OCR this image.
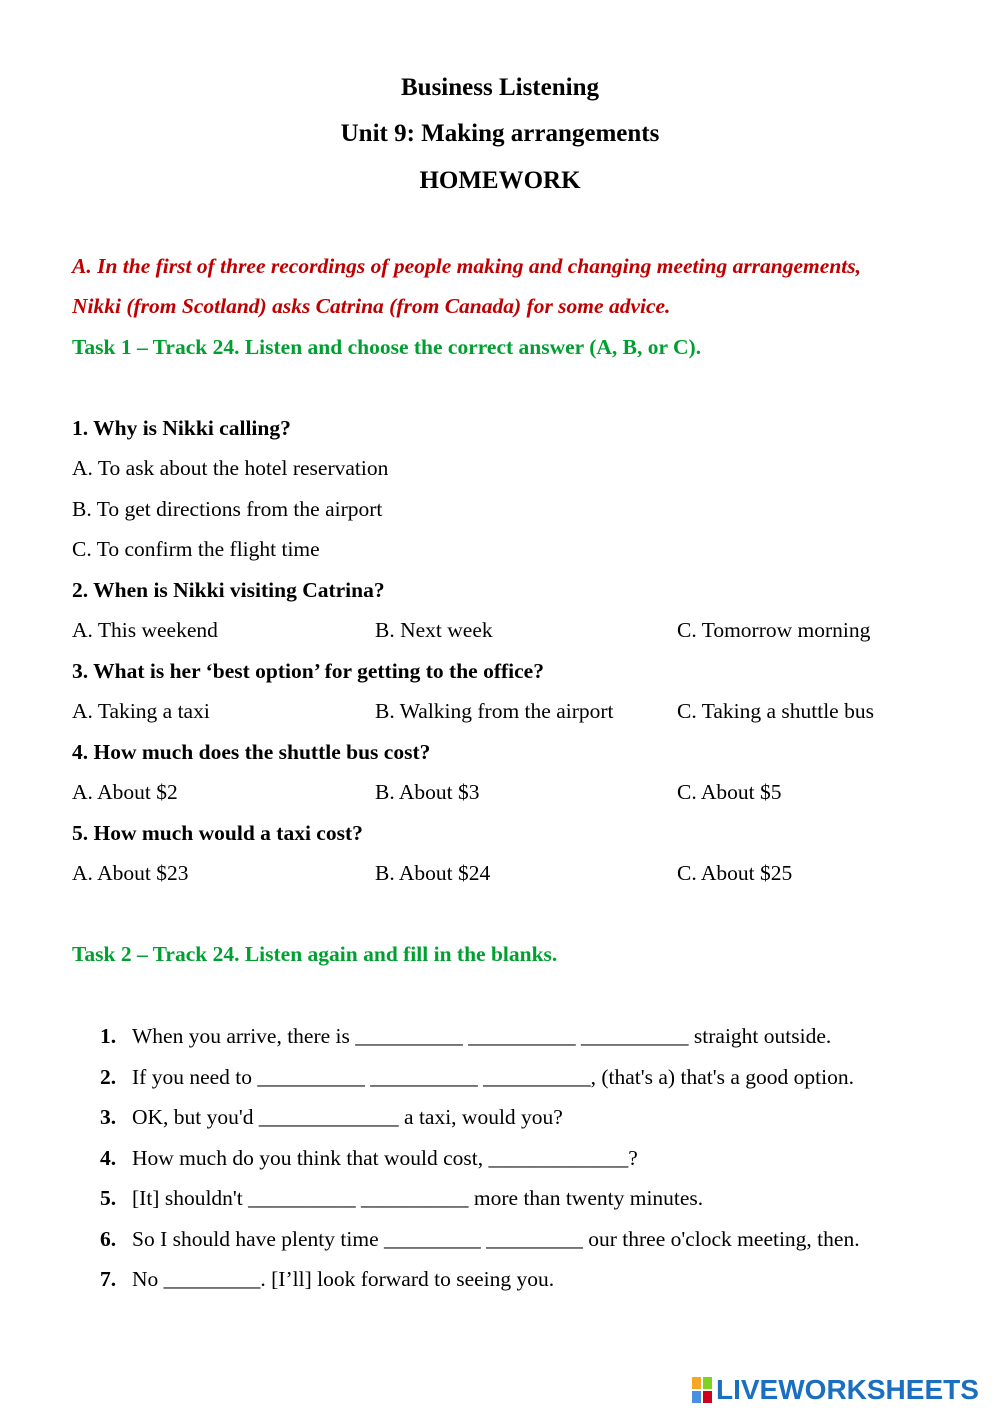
Business Listening
Unit 9: Making arrangements
HOMEWORK
A. In the first of three recordings of people making and changing meeting arrangements,
Nikki (from Scotland) asks Catrina (from Canada) for some advice.
Task 1 – Track 24. Listen and choose the correct answer (A, B, or C).
1. Why is Nikki calling?
A. To ask about the hotel reservation
B. To get directions from the airport
C. To confirm the flight time
2. When is Nikki visiting Catrina?
A. This weekend	B. Next week	C. Tomorrow morning
3. What is her ‘best option’ for getting to the office?
A. Taking a taxi	B. Walking from the airport	C. Taking a shuttle bus
4. How much does the shuttle bus cost?
A. About $2	B. About $3	C. About $5
5. How much would a taxi cost?
A. About $23	B. About $24	C. About $25
Task 2 – Track 24. Listen again and fill in the blanks.
1. When you arrive, there is __________ __________ __________ straight outside.
2. If you need to __________ __________ __________, (that's a) that's a good option.
3. OK, but you'd _____________ a taxi, would you?
4. How much do you think that would cost, _____________?
5. [It] shouldn't __________ __________ more than twenty minutes.
6. So I should have plenty time _________ _________ our three o'clock meeting, then.
7. No _________. [I’ll] look forward to seeing you.
LIVEWORKSHEETS
